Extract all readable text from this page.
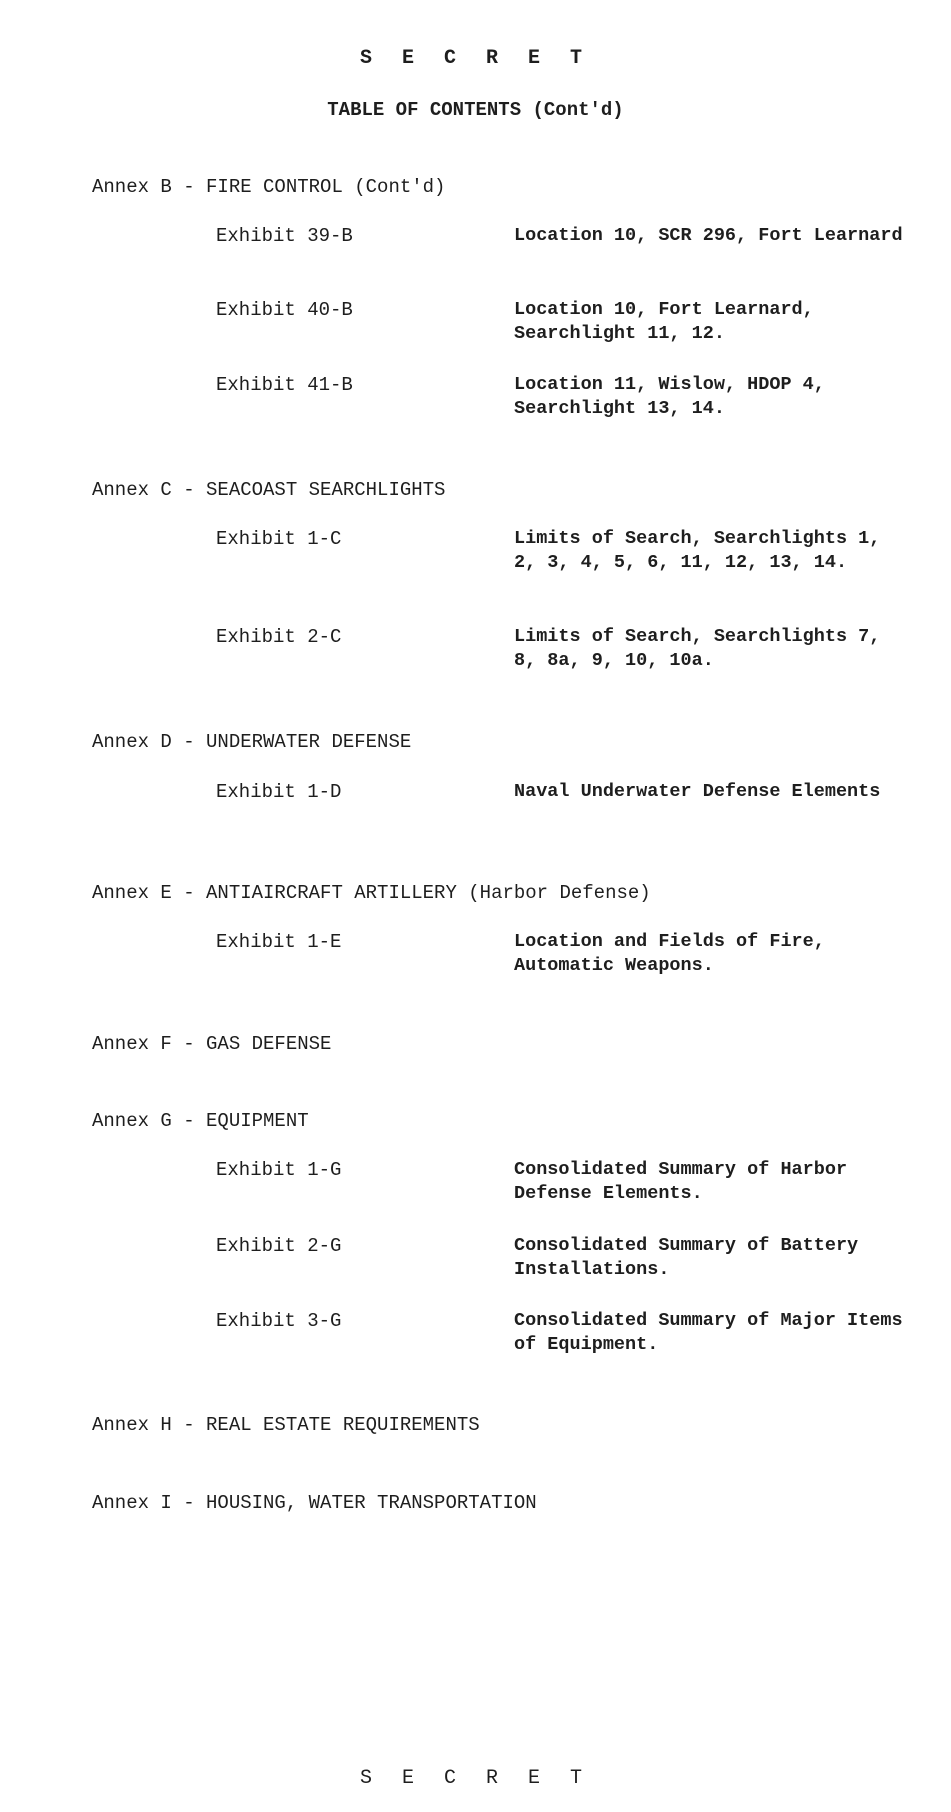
S E C R E T
TABLE OF CONTENTS (Cont'd)
Annex B - FIRE CONTROL (Cont'd)
Exhibit 39-B	Location 10, SCR 296, Fort Learnard
Exhibit 40-B	Location 10, Fort Learnard, Searchlight 11, 12.
Exhibit 41-B	Location 11, Wislow, HDOP 4, Searchlight 13, 14.
Annex C - SEACOAST SEARCHLIGHTS
Exhibit 1-C	Limits of Search, Searchlights 1, 2, 3, 4, 5, 6, 11, 12, 13, 14.
Exhibit 2-C	Limits of Search, Searchlights 7, 8, 8a, 9, 10, 10a.
Annex D - UNDERWATER DEFENSE
Exhibit 1-D	Naval Underwater Defense Elements
Annex E - ANTIAIRCRAFT ARTILLERY (Harbor Defense)
Exhibit 1-E	Location and Fields of Fire, Automatic Weapons.
Annex F - GAS DEFENSE
Annex G - EQUIPMENT
Exhibit 1-G	Consolidated Summary of Harbor Defense Elements.
Exhibit 2-G	Consolidated Summary of Battery Installations.
Exhibit 3-G	Consolidated Summary of Major Items of Equipment.
Annex H - REAL ESTATE REQUIREMENTS
Annex I - HOUSING, WATER TRANSPORTATION
S E C R E T
